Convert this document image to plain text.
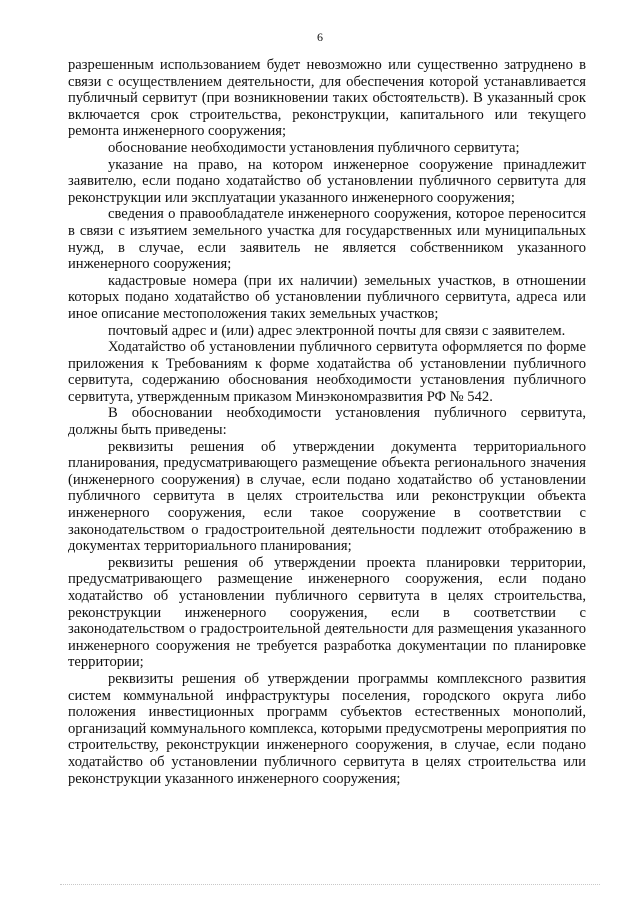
6

разрешенным использованием будет невозможно или существенно затруднено в связи с осуществлением деятельности, для обеспечения которой устанавливается публичный сервитут (при возникновении таких обстоятельств). В указанный срок включается срок строительства, реконструкции, капитального или текущего ремонта инженерного сооружения;

обоснование необходимости установления публичного сервитута;

указание на право, на котором инженерное сооружение принадлежит заявителю, если подано ходатайство об установлении публичного сервитута для реконструкции или эксплуатации указанного инженерного сооружения;

сведения о правообладателе инженерного сооружения, которое переносится в связи с изъятием земельного участка для государственных или муниципальных нужд, в случае, если заявитель не является собственником указанного инженерного сооружения;

кадастровые номера (при их наличии) земельных участков, в отношении которых подано ходатайство об установлении публичного сервитута, адреса или иное описание местоположения таких земельных участков;

почтовый адрес и (или) адрес электронной почты для связи с заявителем.

Ходатайство об установлении публичного сервитута оформляется по форме приложения к Требованиям к форме ходатайства об установлении публичного сервитута, содержанию обоснования необходимости установления публичного сервитута, утвержденным приказом Минэкономразвития РФ № 542.

В обосновании необходимости установления публичного сервитута, должны быть приведены:

реквизиты решения об утверждении документа территориального планирования, предусматривающего размещение объекта регионального значения (инженерного сооружения) в случае, если подано ходатайство об установлении публичного сервитута в целях строительства или реконструкции объекта инженерного сооружения, если такое сооружение в соответствии с законодательством о градостроительной деятельности подлежит отображению в документах территориального планирования;

реквизиты решения об утверждении проекта планировки территории, предусматривающего размещение инженерного сооружения, если подано ходатайство об установлении публичного сервитута в целях строительства, реконструкции инженерного сооружения, если в соответствии с законодательством о градостроительной деятельности для размещения указанного инженерного сооружения не требуется разработка документации по планировке территории;

реквизиты решения об утверждении программы комплексного развития систем коммунальной инфраструктуры поселения, городского округа либо положения инвестиционных программ субъектов естественных монополий, организаций коммунального комплекса, которыми предусмотрены мероприятия по строительству, реконструкции инженерного сооружения, в случае, если подано ходатайство об установлении публичного сервитута в целях строительства или реконструкции указанного инженерного сооружения;
